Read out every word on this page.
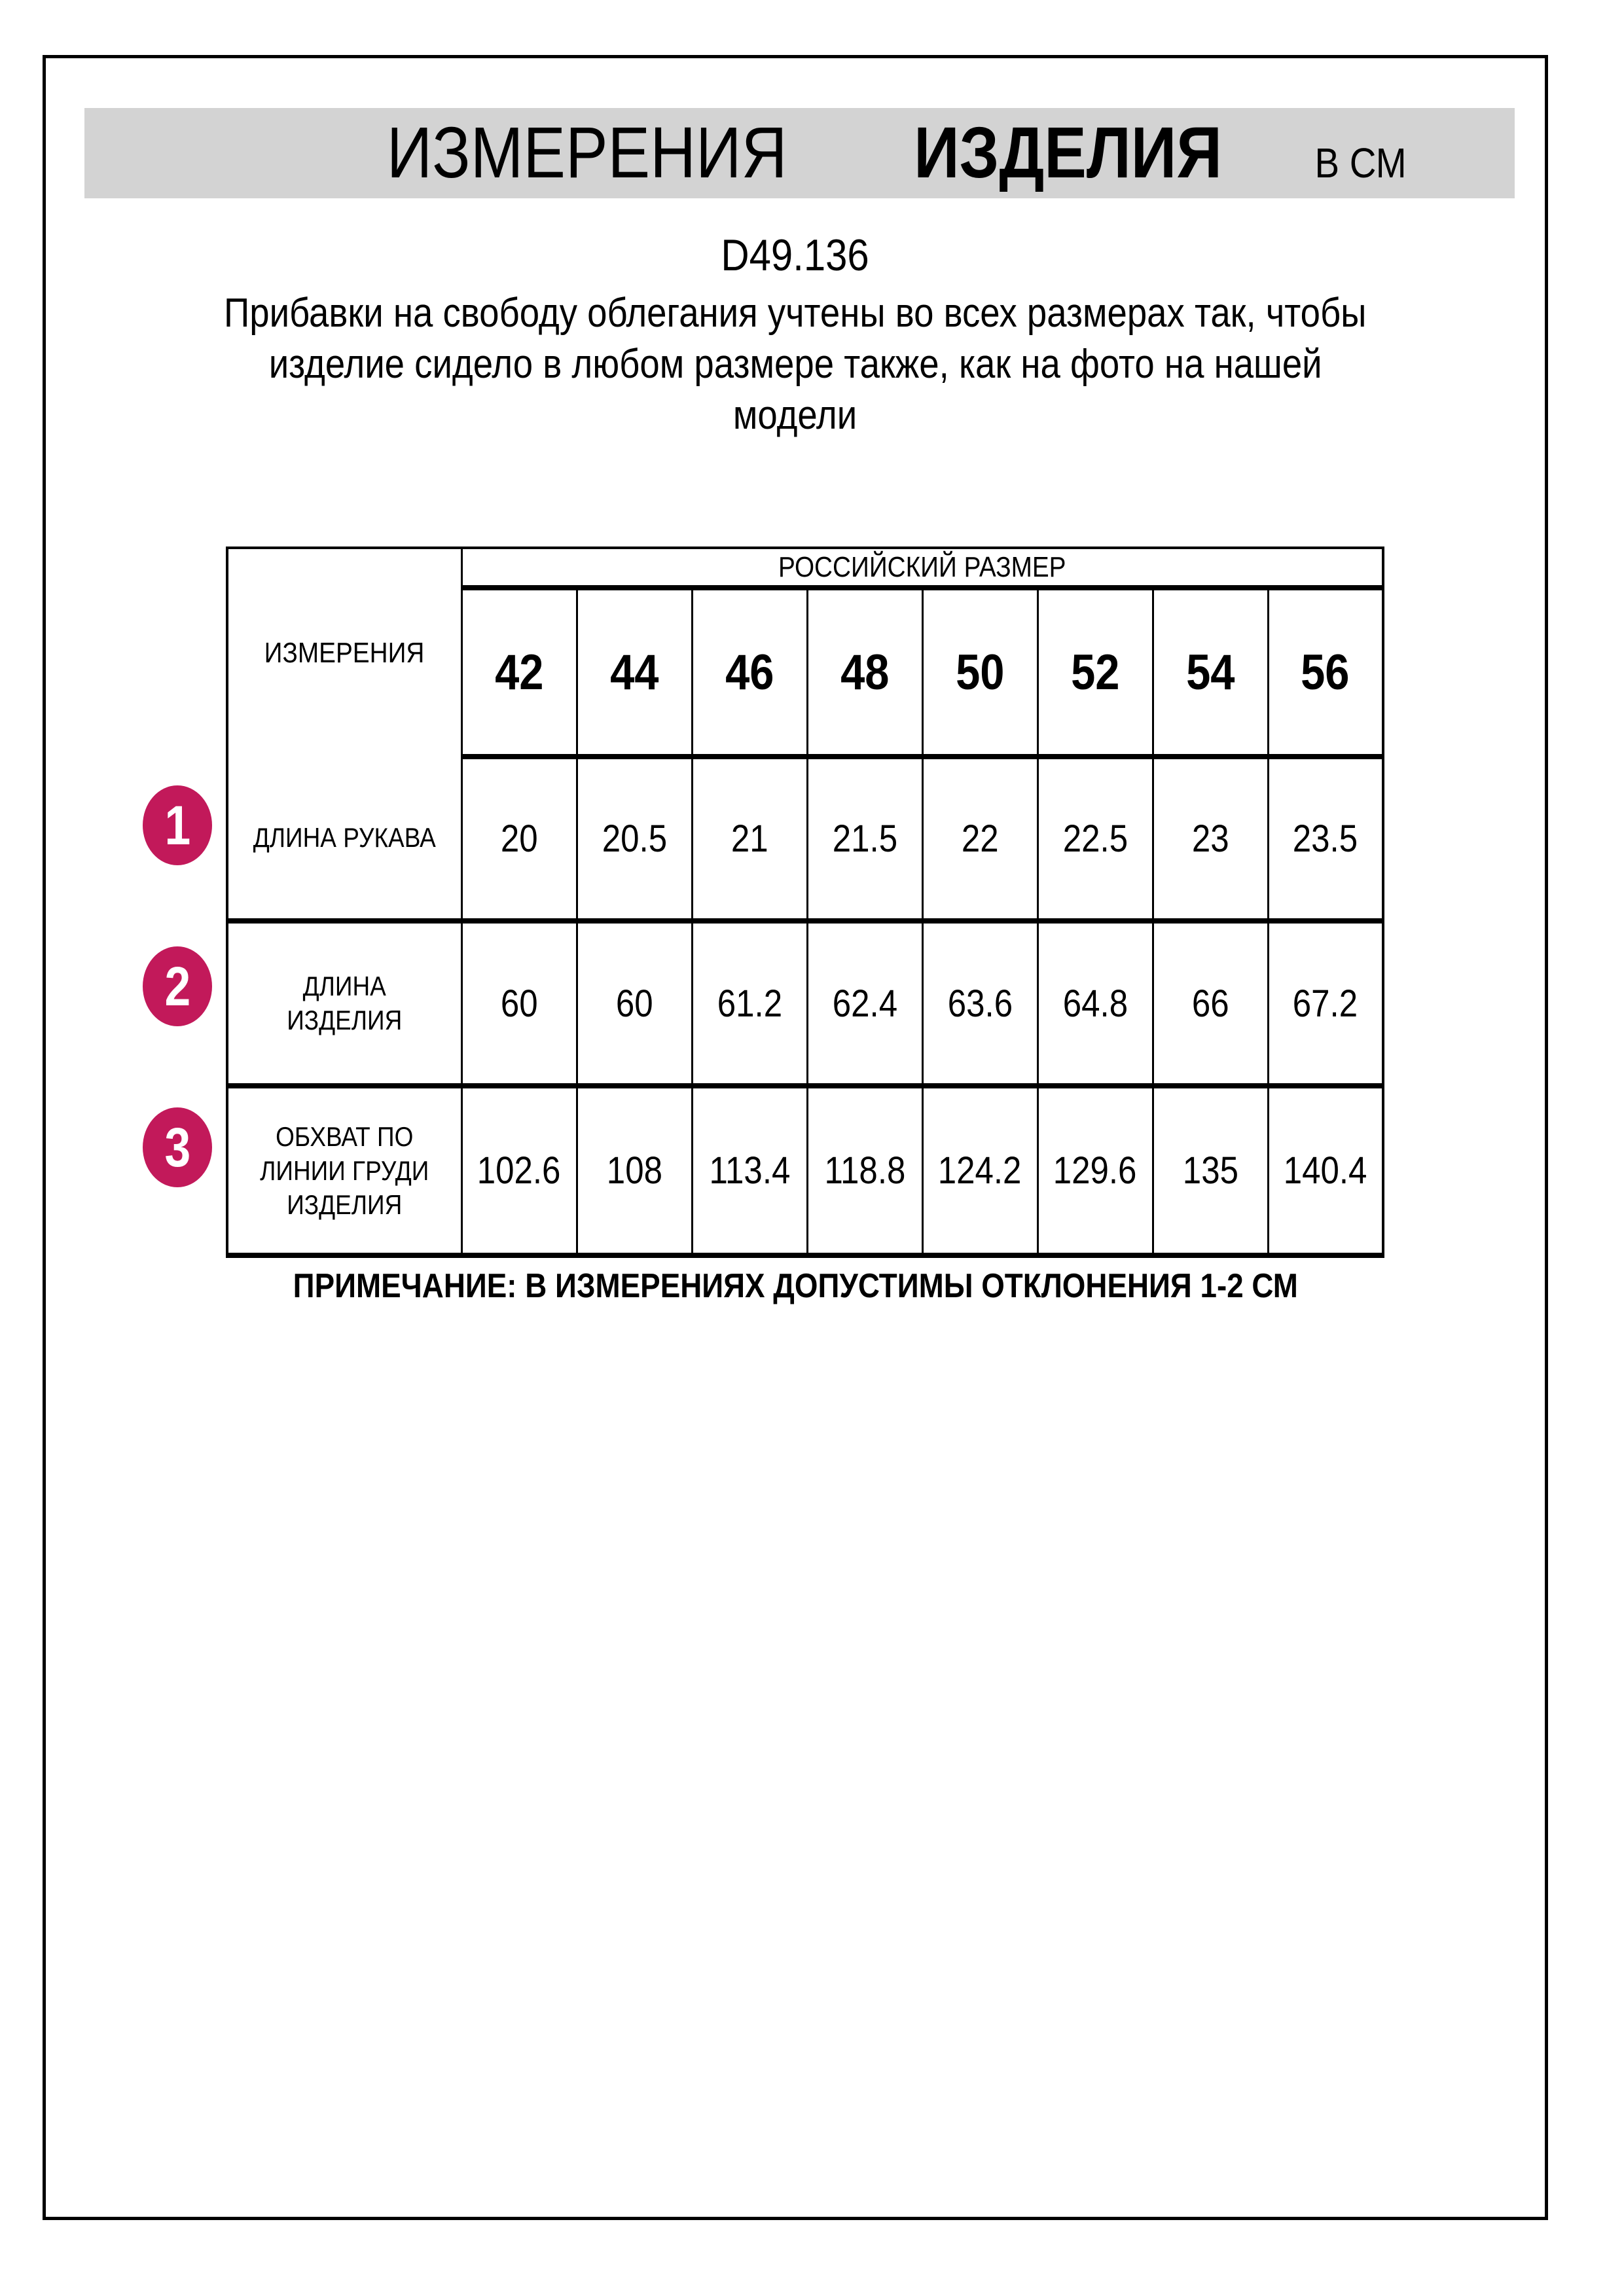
ИЗМЕРЕНИЯ ИЗДЕЛИЯ В СМ
D49.136
Прибавки на свободу облегания учтены во всех размерах так, чтобы
изделие сидело в любом размере также, как на фото на нашей
модели
ИЗМЕРЕНИЯ	РОССИЙСКИЙ РАЗМЕР							
	42	44	46	48	50	52	54	56

ДЛИНА РУКАВА	20	20.5	21	21.5	22	22.5	23	23.5

ДЛИНА
ИЗДЕЛИЯ	60	60	61.2	62.4	63.6	64.8	66	67.2

ОБХВАТ ПО
ЛИНИИ ГРУДИ
ИЗДЕЛИЯ	102.6	108	113.4	118.8	124.2	129.6	135	140.4
1
2
3
ПРИМЕЧАНИЕ: В ИЗМЕРЕНИЯХ ДОПУСТИМЫ ОТКЛОНЕНИЯ 1-2 СМ
